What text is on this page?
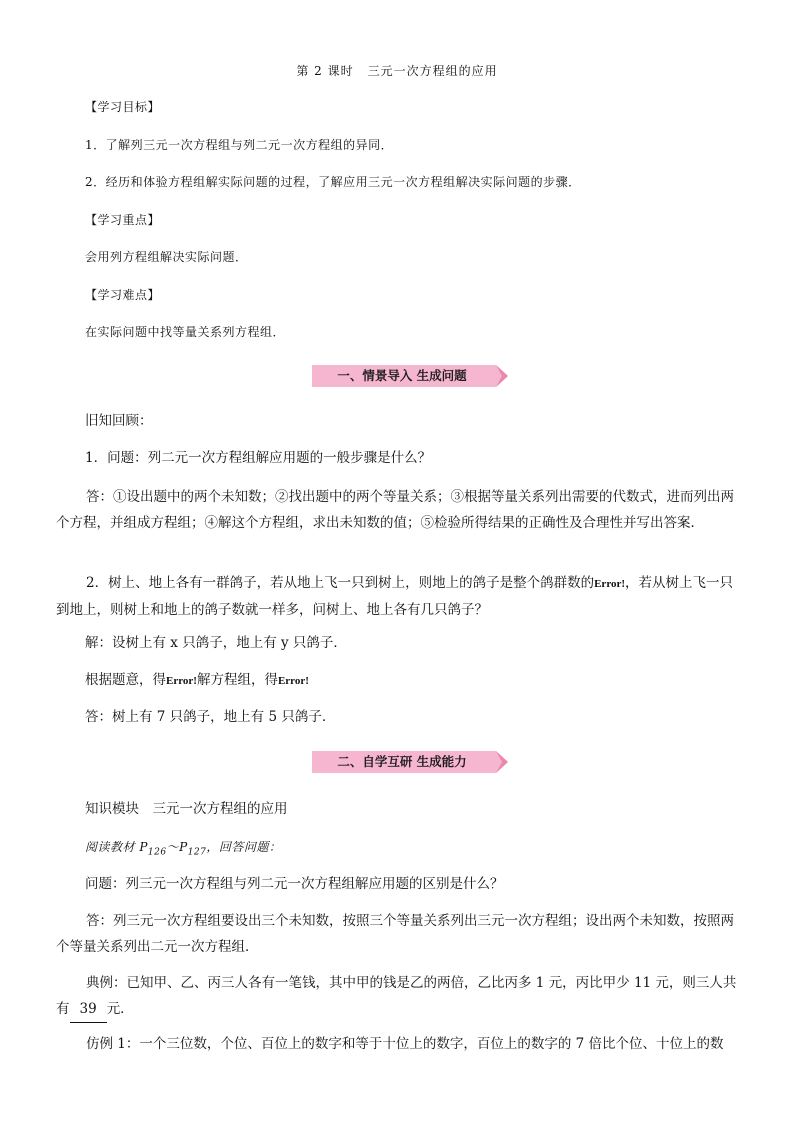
第 2 课时 三元一次方程组的应用
【学习目标】
1．了解列三元一次方程组与列二元一次方程组的异同．
2．经历和体验方程组解实际问题的过程，了解应用三元一次方程组解决实际问题的步骤．
【学习重点】
会用列方程组解决实际问题．
【学习难点】
在实际问题中找等量关系列方程组．
一、情景导入 生成问题
旧知回顾：
1．问题：列二元一次方程组解应用题的一般步骤是什么？
答：①设出题中的两个未知数；②找出题中的两个等量关系；③根据等量关系列出需要的代数式，进而列出两个方程，并组成方程组；④解这个方程组，求出未知数的值；⑤检验所得结果的正确性及合理性并写出答案．
2．树上、地上各有一群鸽子，若从地上飞一只到树上，则地上的鸽子是整个鸽群数的Error!，若从树上飞一只到地上，则树上和地上的鸽子数就一样多，问树上、地上各有几只鸽子？
解：设树上有 x 只鸽子，地上有 y 只鸽子．
根据题意，得Error!解方程组，得Error!
答：树上有 7 只鸽子，地上有 5 只鸽子．
二、自学互研 生成能力
知识模块　三元一次方程组的应用
阅读教材 $P_{126}\sim P_{127}$，回答问题：
问题：列三元一次方程组与列二元一次方程组解应用题的区别是什么？
答：列三元一次方程组要设出三个未知数，按照三个等量关系列出三元一次方程组；设出两个未知数，按照两个等量关系列出二元一次方程组．
典例：已知甲、乙、丙三人各有一笔钱，其中甲的钱是乙的两倍，乙比丙多 1 元，丙比甲少 11 元，则三人共有 39 元．
仿例 1：一个三位数，个位、百位上的数字和等于十位上的数字，百位上的数字的 7 倍比个位、十位上的数
